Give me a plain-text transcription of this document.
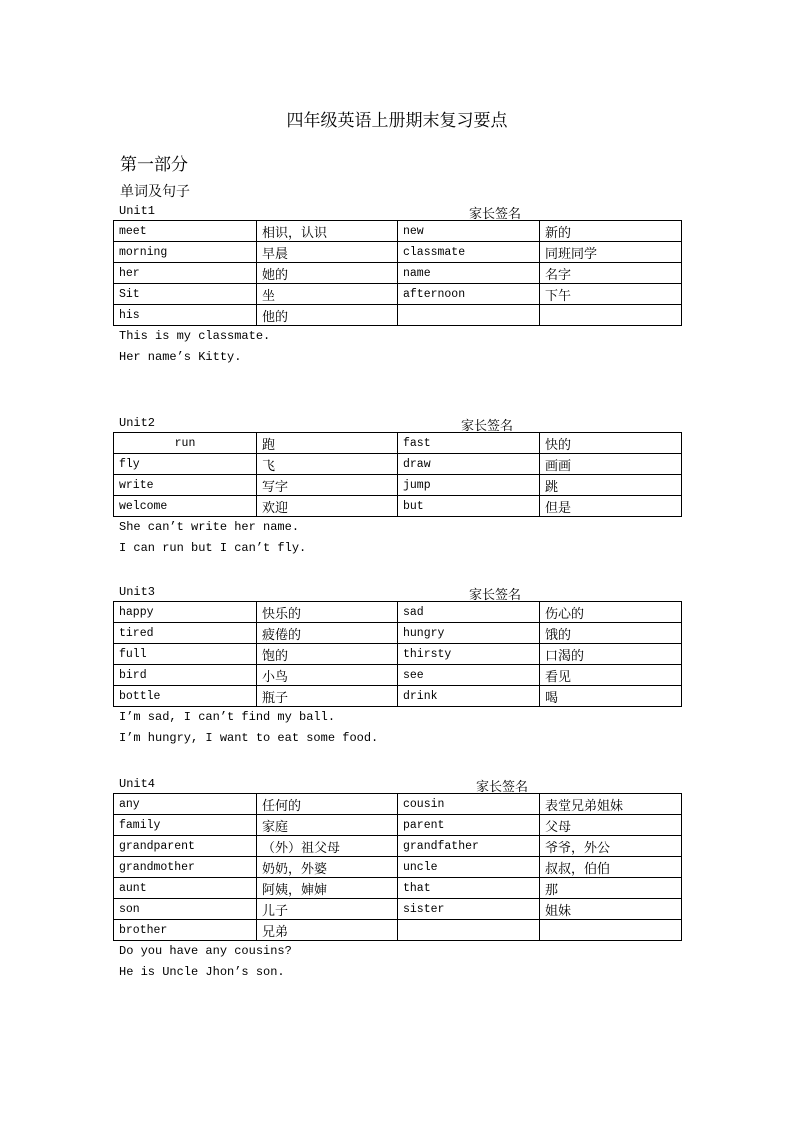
四年级英语上册期末复习要点
第一部分
单词及句子
Unit1	家长签名
meet	相识，认识	new	新的
morning	早晨	classmate	同班同学
her	她的	name	名字
Sit	坐	afternoon	下午
his	他的		
This is my classmate.
Her name’s Kitty.
Unit2	家长签名
run	跑	fast	快的
fly	飞	draw	画画
write	写字	jump	跳
welcome	欢迎	but	但是
She can’t write her name.
I can run but I can’t fly.
Unit3	家长签名
happy	快乐的	sad	伤心的
tired	疲倦的	hungry	饿的
full	饱的	thirsty	口渴的
bird	小鸟	see	看见
bottle	瓶子	drink	喝
I’m sad, I can’t find my ball.
I’m hungry, I want to eat some food.
Unit4	家长签名
any	任何的	cousin	表堂兄弟姐妹
family	家庭	parent	父母
grandparent	（外）祖父母	grandfather	爷爷，外公
grandmother	奶奶，外婆	uncle	叔叔，伯伯
aunt	阿姨，婶婶	that	那
son	儿子	sister	姐妹
brother	兄弟		
Do you have any cousins?
He is Uncle Jhon’s son.
